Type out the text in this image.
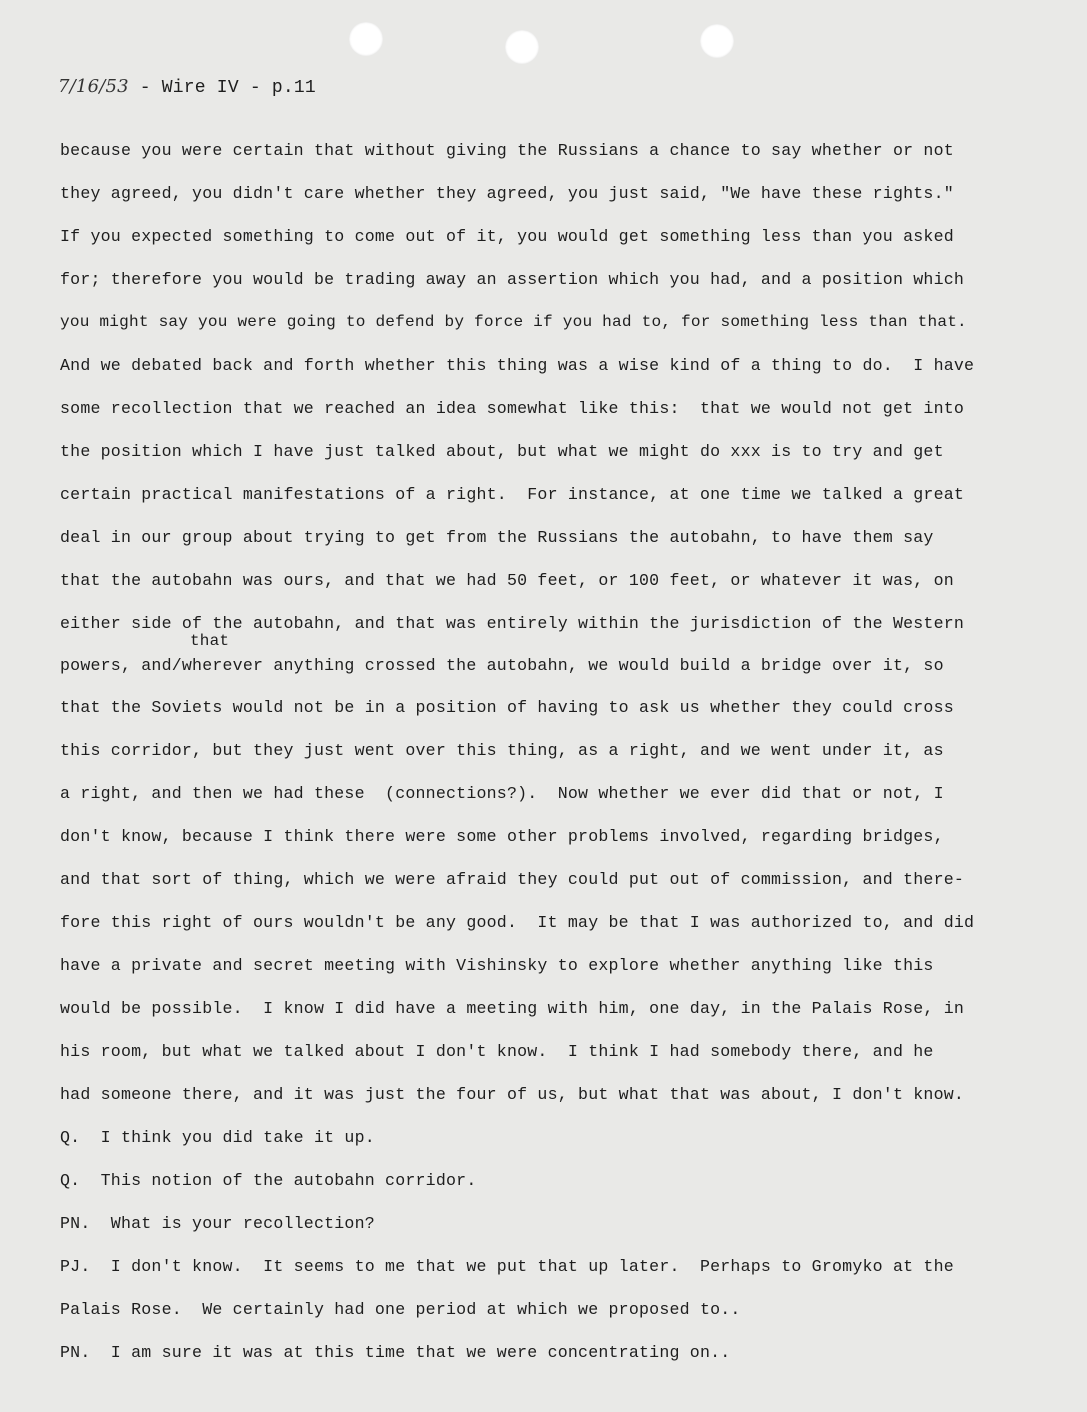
7/16/53 - Wire IV - p.11
that
because you were certain that without giving the Russians a chance to say whether or not
they agreed, you didn't care whether they agreed, you just said, "We have these rights."
If you expected something to come out of it, you would get something less than you asked
for; therefore you would be trading away an assertion which you had, and a position which
you might say you were going to defend by force if you had to, for something less than that.
And we debated back and forth whether this thing was a wise kind of a thing to do.  I have
some recollection that we reached an idea somewhat like this:  that we would not get into
the position which I have just talked about, but what we might do xxx is to try and get
certain practical manifestations of a right.  For instance, at one time we talked a great
deal in our group about trying to get from the Russians the autobahn, to have them say
that the autobahn was ours, and that we had 50 feet, or 100 feet, or whatever it was, on
either side of the autobahn, and that was entirely within the jurisdiction of the Western
powers, and/wherever anything crossed the autobahn, we would build a bridge over it, so
that the Soviets would not be in a position of having to ask us whether they could cross
this corridor, but they just went over this thing, as a right, and we went under it, as
a right, and then we had these  (connections?).  Now whether we ever did that or not, I
don't know, because I think there were some other problems involved, regarding bridges,
and that sort of thing, which we were afraid they could put out of commission, and there-
fore this right of ours wouldn't be any good.  It may be that I was authorized to, and did
have a private and secret meeting with Vishinsky to explore whether anything like this
would be possible.  I know I did have a meeting with him, one day, in the Palais Rose, in
his room, but what we talked about I don't know.  I think I had somebody there, and he
had someone there, and it was just the four of us, but what that was about, I don't know.
Q.  I think you did take it up.
Q.  This notion of the autobahn corridor.
PN.  What is your recollection?
PJ.  I don't know.  It seems to me that we put that up later.  Perhaps to Gromyko at the
Palais Rose.  We certainly had one period at which we proposed to..
PN.  I am sure it was at this time that we were concentrating on..
